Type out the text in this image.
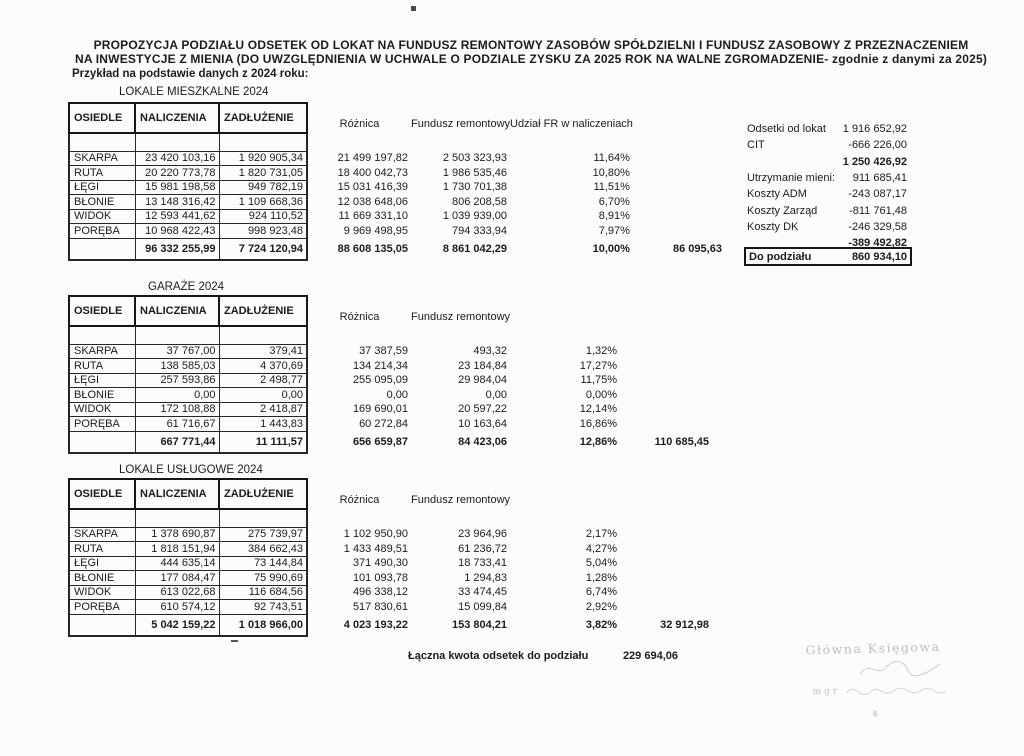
PROPOZYCJA PODZIAŁU ODSETEK OD LOKAT NA FUNDUSZ REMONTOWY ZASOBÓW SPÓŁDZIELNI I FUNDUSZ ZASOBOWY Z PRZEZNACZENIEM
NA INWESTYCJE Z MIENIA (DO UWZGLĘDNIENIA W UCHWALE O PODZIALE ZYSKU ZA 2025 ROK NA WALNE ZGROMADZENIE- zgodnie z danymi za 2025)
Przykład na podstawie danych z 2024 roku:
LOKALE MIESZKALNE 2024
OSIEDLE	NALICZENIA	ZADŁUŻENIE	Różnica	Fundusz remontowy	Udział FR w naliczeniach	

SKARPA	23 420 103,16	1 920 905,34	21 499 197,82	2 503 323,93	11,64%	
RUTA	20 220 773,78	1 820 731,05	18 400 042,73	1 986 535,46	10,80%	
ŁĘGI	15 981 198,58	949 782,19	15 031 416,39	1 730 701,38	11,51%	
BŁONIE	13 148 316,42	1 109 668,36	12 038 648,06	806 208,58	6,70%	
WIDOK	12 593 441,62	924 110,52	11 669 331,10	1 039 939,00	8,91%	
PORĘBA	10 968 422,43	998 923,48	9 969 498,95	794 333,94	7,97%	
	96 332 255,99	7 724 120,94	88 608 135,05	8 861 042,29	10,00%	86 095,63
Odsetki od lokat 1 916 652,92
CIT	-666 226,00
1 250 426,92
Utrzymanie mieni: 911 685,41
Koszty ADM	-243 087,17
Koszty Zarząd	-811 761,48
Koszty DK	-246 329,58
-389 492,82
Do podziału	860 934,10
GARAŻE 2024
OSIEDLE	NALICZENIA	ZADŁUŻENIE	Różnica	Fundusz remontowy		

SKARPA	37 767,00	379,41	37 387,59	493,32	1,32%	
RUTA	138 585,03	4 370,69	134 214,34	23 184,84	17,27%	
ŁĘGI	257 593,86	2 498,77	255 095,09	29 984,04	11,75%	
BŁONIE	0,00	0,00	0,00	0,00	0,00%	
WIDOK	172 108,88	2 418,87	169 690,01	20 597,22	12,14%	
PORĘBA	61 716,67	1 443,83	60 272,84	10 163,64	16,86%	
	667 771,44	11 111,57	656 659,87	84 423,06	12,86%	110 685,45
LOKALE USŁUGOWE 2024
OSIEDLE	NALICZENIA	ZADŁUŻENIE	Różnica	Fundusz remontowy		

SKARPA	1 378 690,87	275 739,97	1 102 950,90	23 964,96	2,17%	
RUTA	1 818 151,94	384 662,43	1 433 489,51	61 236,72	4,27%	
ŁĘGI	444 635,14	73 144,84	371 490,30	18 733,41	5,04%	
BŁONIE	177 084,47	75 990,69	101 093,78	1 294,83	1,28%	
WIDOK	613 022,68	116 684,56	496 338,12	33 474,45	6,74%	
PORĘBA	610 574,12	92 743,51	517 830,61	15 099,84	2,92%	
	5 042 159,22	1 018 966,00	4 023 193,22	153 804,21	3,82%	32 912,98
Łączna kwota odsetek do podziału	229 694,06	Główna Księgowa
mgr
